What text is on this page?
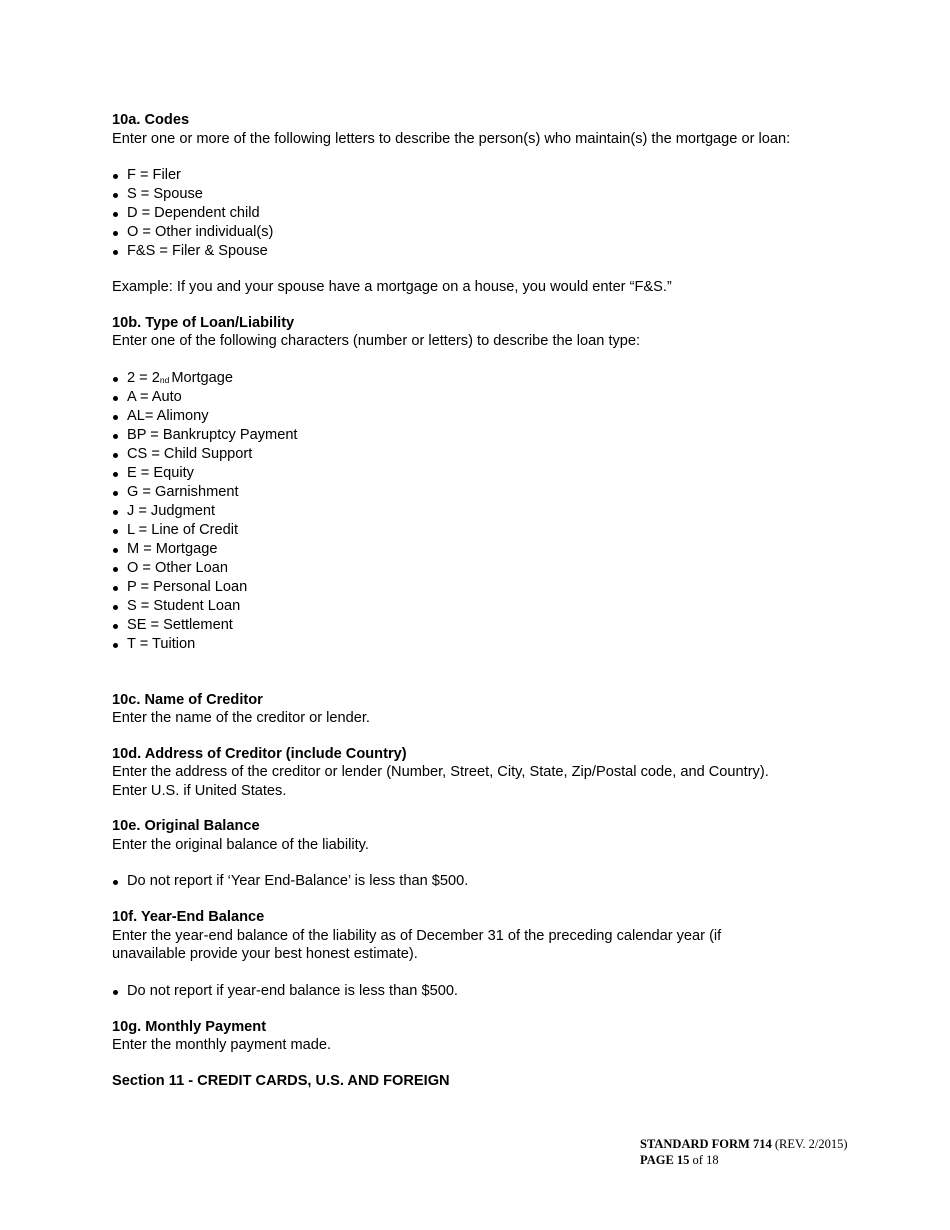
10a. Codes

Enter one or more of the following letters to describe the person(s) who maintain(s) the mortgage or loan:

F = Filer
S = Spouse
D = Dependent child
O = Other individual(s)
F&S = Filer & Spouse

Example: If you and your spouse have a mortgage on a house, you would enter “F&S.”

10b. Type of Loan/Liability

Enter one of the following characters (number or letters) to describe the loan type:

2 = 2nd Mortgage
A = Auto
AL= Alimony
BP = Bankruptcy Payment
CS = Child Support
E = Equity
G = Garnishment
J = Judgment
L = Line of Credit
M = Mortgage
O = Other Loan
P = Personal Loan
S = Student Loan
SE = Settlement
T = Tuition

10c. Name of Creditor

Enter the name of the creditor or lender.

10d. Address of Creditor (include Country)

Enter the address of the creditor or lender (Number, Street, City, State, Zip/Postal code, and Country).

Enter U.S. if United States.

10e. Original Balance

Enter the original balance of the liability.

Do not report if ‘Year End-Balance’ is less than $500.

10f. Year-End Balance

Enter the year-end balance of the liability as of December 31 of the preceding calendar year (if

unavailable provide your best honest estimate).

Do not report if year-end balance is less than $500.

10g. Monthly Payment

Enter the monthly payment made.

Section 11 - CREDIT CARDS, U.S. AND FOREIGN

STANDARD FORM 714 (REV. 2/2015)
PAGE 15 of 18
